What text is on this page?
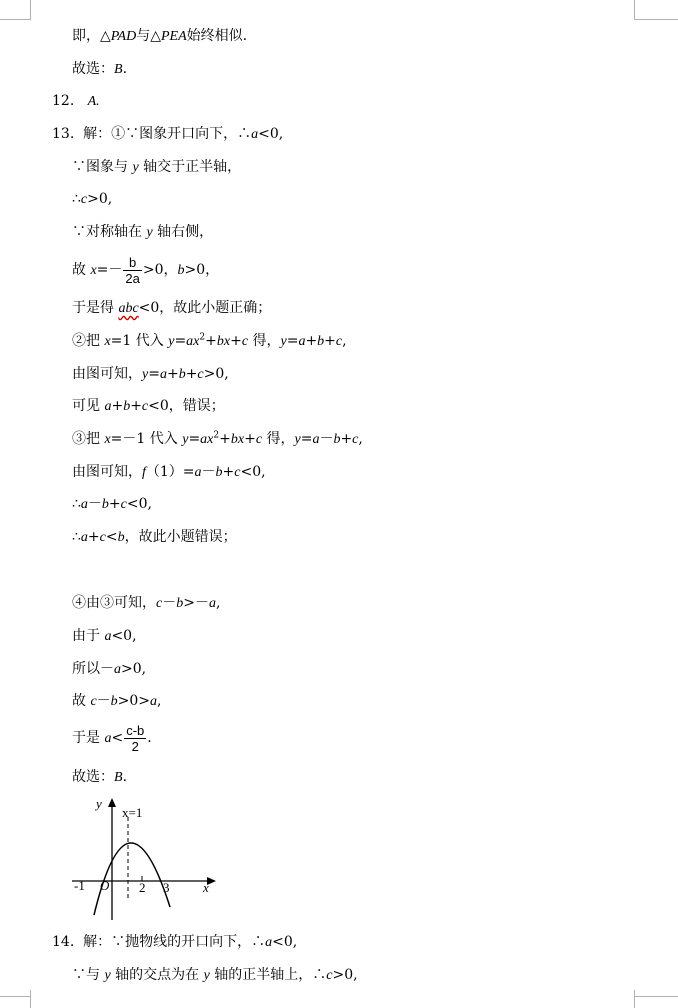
即，△PAD与△PEA始终相似.
故选：B.
12. A.
13. 解：①∵图象开口向下，∴a<0,
∵图象与 y 轴交于正半轴，
∴c>0,
∵对称轴在 y 轴右侧，
故 $x=- \frac{b}{2a} >0$，b>0，
于是得 abc<0，故此小题正确；
②把 x=1 代入 $y=ax^2+bx+c$ 得，y=a+b+c,
由图可知，y=a+b+c>0,
可见 a+b+c<0，错误；
③把 x=－1 代入 $y=ax^2+bx+c$ 得，y=a－b+c,
由图可知，f（1）=a－b+c<0,
∴a－b+c<0,
∴a+c<b，故此小题错误；
④由③可知，c－b>－a,
由于 a<0,
所以－a>0,
故 c－b>0>a,
于是 $a< \frac{c-b}{2}$ .
故选：B.
y
x=1
-1 O 2 3	x
14. 解：∵抛物线的开口向下，∴a<0,
∵与 y 轴的交点为在 y 轴的正半轴上，∴c>0,
